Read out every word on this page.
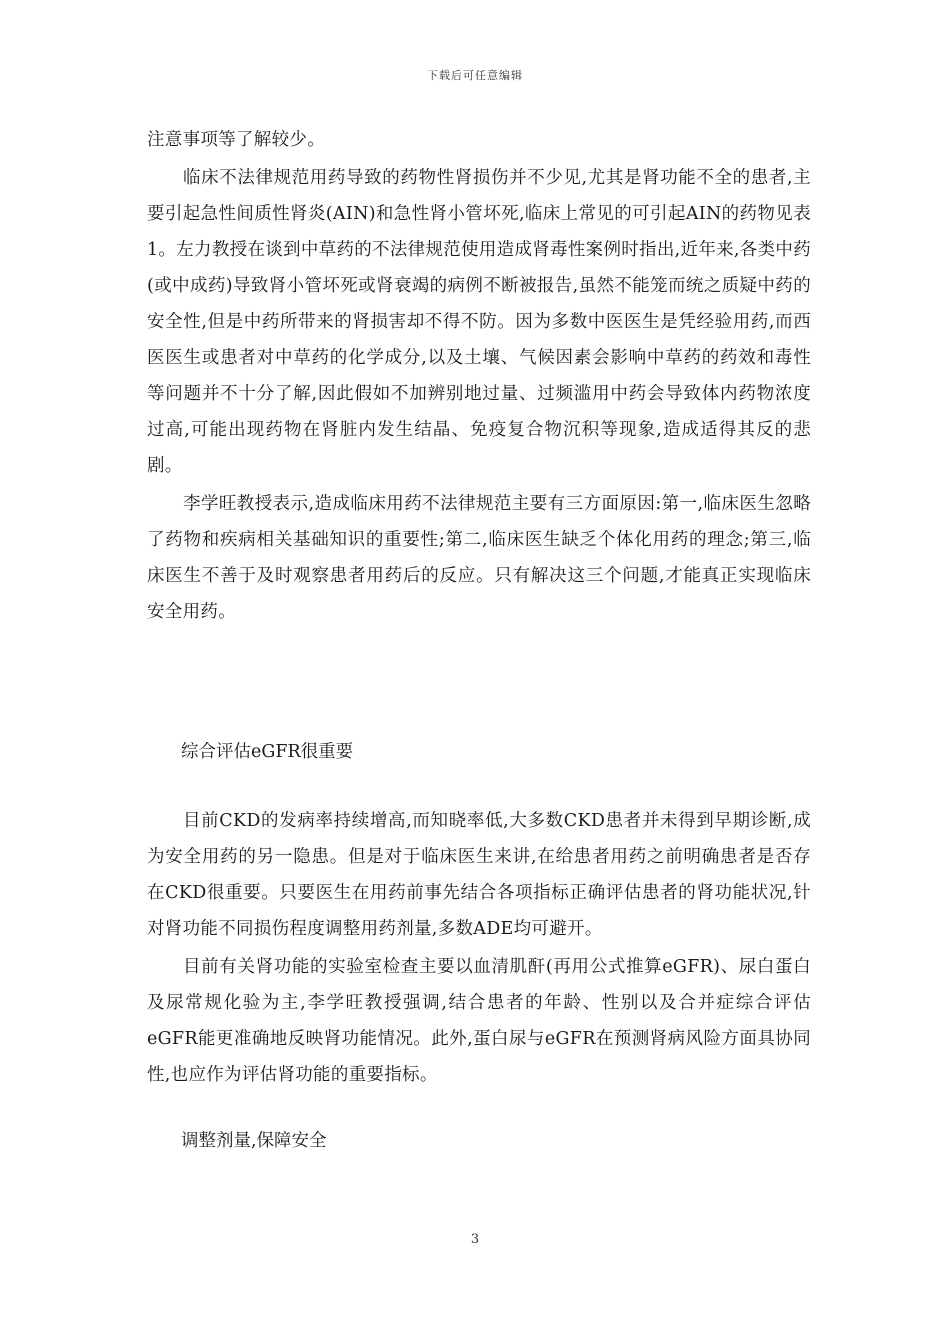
下载后可任意编辑

注意事项等了解较少。

临床不法律规范用药导致的药物性肾损伤并不少见,尤其是肾功能不全的患者,主要引起急性间质性肾炎(AIN)和急性肾小管坏死,临床上常见的可引起AIN的药物见表1。左力教授在谈到中草药的不法律规范使用造成肾毒性案例时指出,近年来,各类中药(或中成药)导致肾小管坏死或肾衰竭的病例不断被报告,虽然不能笼而统之质疑中药的安全性,但是中药所带来的肾损害却不得不防。因为多数中医医生是凭经验用药,而西医医生或患者对中草药的化学成分,以及土壤、气候因素会影响中草药的药效和毒性等问题并不十分了解,因此假如不加辨别地过量、过频滥用中药会导致体内药物浓度过高,可能出现药物在肾脏内发生结晶、免疫复合物沉积等现象,造成适得其反的悲剧。

李学旺教授表示,造成临床用药不法律规范主要有三方面原因:第一,临床医生忽略了药物和疾病相关基础知识的重要性;第二,临床医生缺乏个体化用药的理念;第三,临床医生不善于及时观察患者用药后的反应。只有解决这三个问题,才能真正实现临床安全用药。

综合评估eGFR很重要

目前CKD的发病率持续增高,而知晓率低,大多数CKD患者并未得到早期诊断,成为安全用药的另一隐患。但是对于临床医生来讲,在给患者用药之前明确患者是否存在CKD很重要。只要医生在用药前事先结合各项指标正确评估患者的肾功能状况,针对肾功能不同损伤程度调整用药剂量,多数ADE均可避开。

目前有关肾功能的实验室检查主要以血清肌酐(再用公式推算eGFR)、尿白蛋白及尿常规化验为主,李学旺教授强调,结合患者的年龄、性别以及合并症综合评估eGFR能更准确地反映肾功能情况。此外,蛋白尿与eGFR在预测肾病风险方面具协同性,也应作为评估肾功能的重要指标。

调整剂量,保障安全
3
